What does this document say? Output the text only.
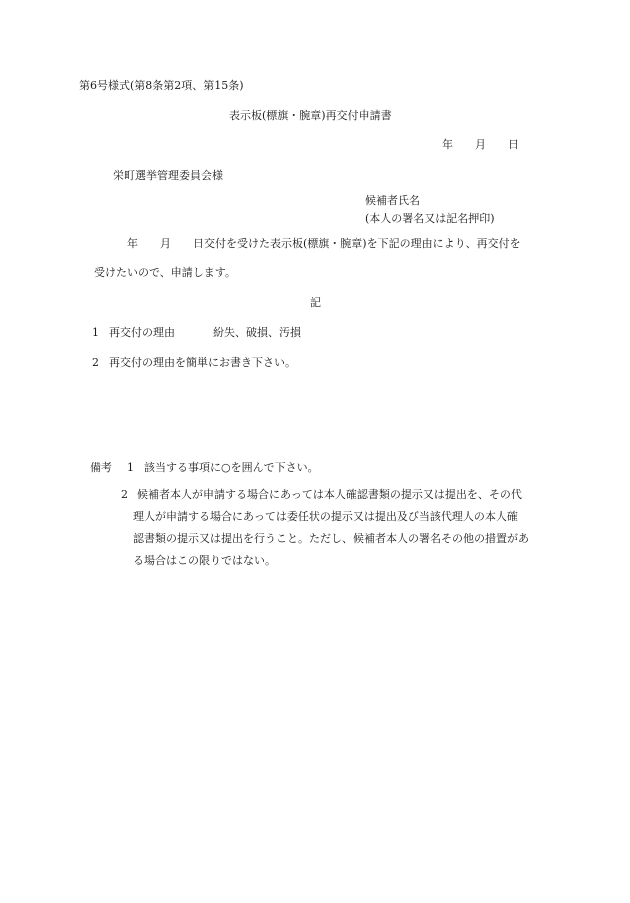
第6号様式(第8条第2項、第15条)
表示板(標旗・腕章)再交付申請書
年 月 日
栄町選挙管理委員会様
候補者氏名
(本人の署名又は記名押印)
年 月 日交付を受けた表示板(標旗・腕章)を下記の理由により、再交付を
受けたいので、申請します。
記
1 再交付の理由	紛失、破損、汚損
2 再交付の理由を簡単にお書き下さい。
備考 1 該当する事項に○を囲んで下さい。
2 候補者本人が申請する場合にあっては本人確認書類の提示又は提出を、その代
理人が申請する場合にあっては委任状の提示又は提出及び当該代理人の本人確
認書類の提示又は提出を行うこと。ただし、候補者本人の署名その他の措置があ
る場合はこの限りではない。
